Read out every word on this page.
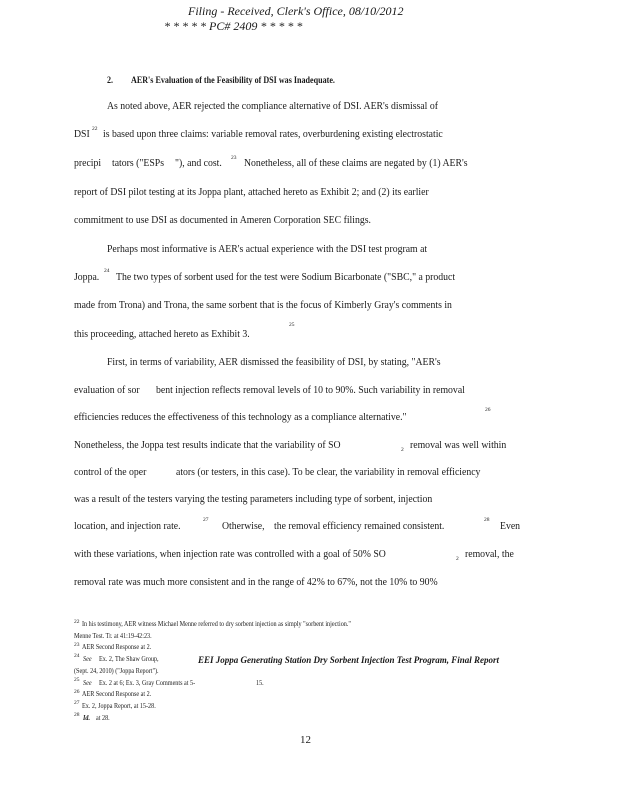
Filing - Received, Clerk's Office, 08/10/2012
* * * * * PC# 2409 * * * * *
2. AER's Evaluation of the Feasibility of DSI was Inadequate.
As noted above, AER rejected the compliance alternative of DSI. AER's dismissal of
DSI 22 is based upon three claims: variable removal rates, overburdening existing electrostatic
precipi tators ("ESPs "), and cost. 23 Nonetheless, all of these claims are negated by (1) AER's
report of DSI pilot testing at its Joppa plant, attached hereto as Exhibit 2; and (2) its earlier
commitment to use DSI as documented in Ameren Corporation SEC filings.
Perhaps most informative is AER's actual experience with the DSI test program at
Joppa.
24
The two types of sorbent used for the test were Sodium Bicarbonate ("SBC," a product
made from Trona) and Trona, the same sorbent that is the focus of Kimberly Gray's comments in
this proceeding, attached hereto as Exhibit 3.
25
First, in terms of variability, AER dismissed the feasibility of DSI, by stating, "AER's
evaluation of sor bent injection reflects removal levels of 10 to 90%. Such variability in removal
efficiencies reduces the effectiveness of this technology as a compliance alternative."
26
Nonetheless, the Joppa test results indicate that the variability of SO	2 removal was well within
control of the oper	ators (or testers, in this case). To be clear, the variability in removal efficiency
was a result of the testers varying the testing parameters including type of sorbent, injection
location, and injection rate.
27
Otherwise, the removal efficiency remained consistent.
28
Even
with these variations, when injection rate was controlled with a goal of 50% SO	2 removal, the
removal rate was much more consistent and in the range of 42% to 67%, not the 10% to 90%
22 In his testimony, AER witness Michael Menne referred to dry sorbent injection as simply "sorbent injection."
Menne Test. Tr. at 41:19-42:23.
23 AER Second Response at 2.
24 See Ex. 2, The Shaw Group,	EEI Joppa Generating Station Dry Sorbent Injection Test Program, Final Report
(Sept. 24, 2010) ("Joppa Report").
25 See Ex. 2 at 6; Ex. 3, Gray Comments at 5-	15.
26 AER Second Response at 2.
27 Ex. 2, Joppa Report, at 15-28.
28 Id. at 28.
12
